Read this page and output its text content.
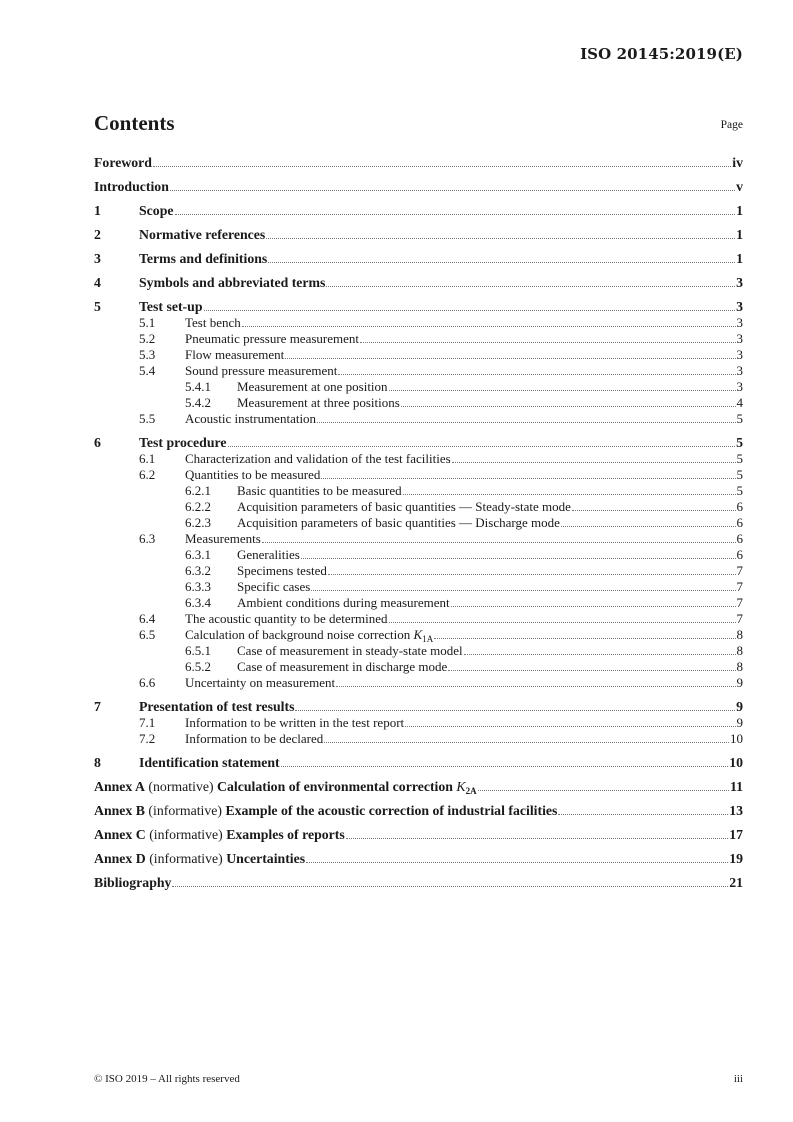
ISO 20145:2019(E)
Contents	Page
Foreword	iv
Introduction	v
1	Scope	1
2	Normative references	1
3	Terms and definitions	1
4	Symbols and abbreviated terms	3
5	Test set-up	3
5.1	Test bench	3
5.2	Pneumatic pressure measurement	3
5.3	Flow measurement	3
5.4	Sound pressure measurement	3
5.4.1	Measurement at one position	3
5.4.2	Measurement at three positions	4
5.5	Acoustic instrumentation	5
6	Test procedure	5
6.1	Characterization and validation of the test facilities	5
6.2	Quantities to be measured	5
6.2.1	Basic quantities to be measured	5
6.2.2	Acquisition parameters of basic quantities — Steady-state mode	6
6.2.3	Acquisition parameters of basic quantities — Discharge mode	6
6.3	Measurements	6
6.3.1	Generalities	6
6.3.2	Specimens tested	7
6.3.3	Specific cases	7
6.3.4	Ambient conditions during measurement	7
6.4	The acoustic quantity to be determined	7
6.5	Calculation of background noise correction $K_{1A}$	8
6.5.1	Case of measurement in steady-state model	8
6.5.2	Case of measurement in discharge mode	8
6.6	Uncertainty on measurement	9
7	Presentation of test results	9
7.1	Information to be written in the test report	9
7.2	Information to be declared	10
8	Identification statement	10
Annex A (normative) Calculation of environmental correction $K_{2A}$	11
Annex B (informative) Example of the acoustic correction of industrial facilities	13
Annex C (informative) Examples of reports	17
Annex D (informative) Uncertainties	19
Bibliography	21
© ISO 2019 – All rights reserved	iii
